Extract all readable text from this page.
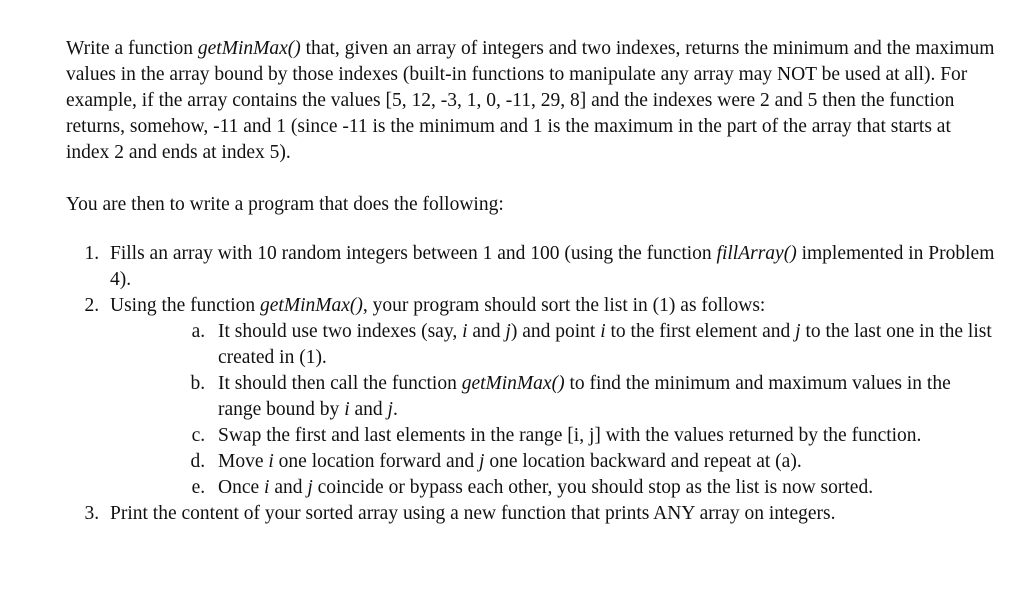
Write a function getMinMax() that, given an array of integers and two indexes, returns the minimum and the maximum values in the array bound by those indexes (built-in functions to manipulate any array may NOT be used at all). For example, if the array contains the values [5, 12, -3, 1, 0, -11, 29, 8] and the indexes were 2 and 5 then the function returns, somehow, -11 and 1 (since -11 is the minimum and 1 is the maximum in the part of the array that starts at index 2 and ends at index 5).

You are then to write a program that does the following:

1. Fills an array with 10 random integers between 1 and 100 (using the function fillArray() implemented in Problem 4).
2. Using the function getMinMax(), your program should sort the list in (1) as follows:
a. It should use two indexes (say, i and j) and point i to the first element and j to the last one in the list created in (1).
b. It should then call the function getMinMax() to find the minimum and maximum values in the range bound by i and j.
c. Swap the first and last elements in the range [i, j] with the values returned by the function.
d. Move i one location forward and j one location backward and repeat at (a).
e. Once i and j coincide or bypass each other, you should stop as the list is now sorted.
3. Print the content of your sorted array using a new function that prints ANY array on integers.
